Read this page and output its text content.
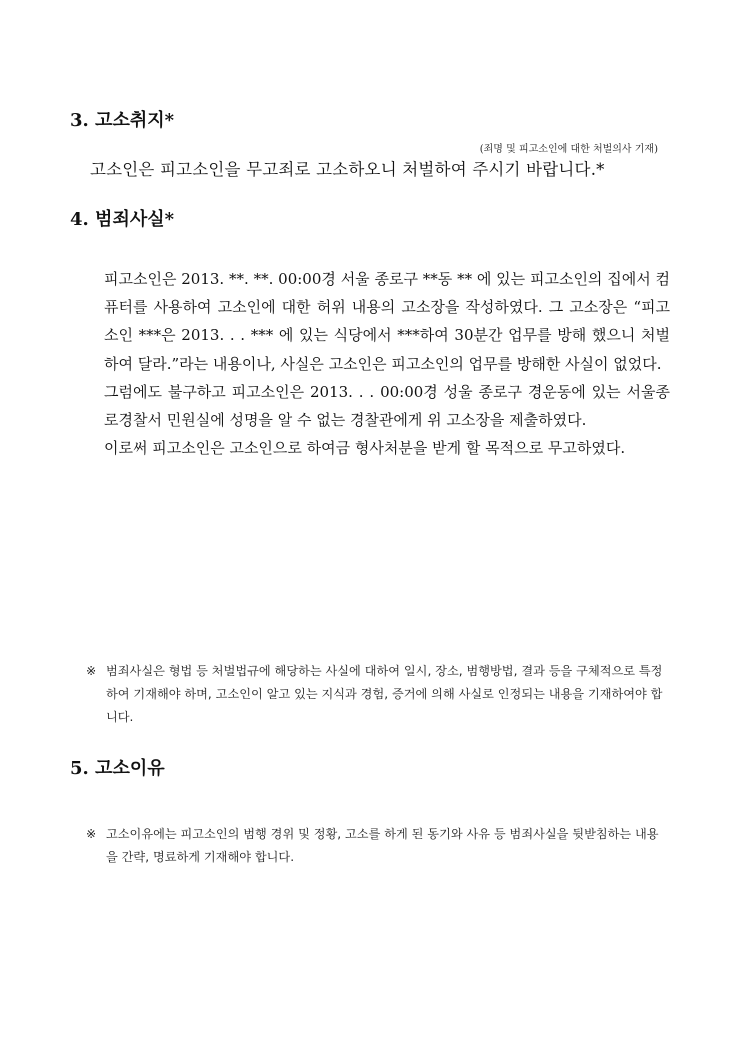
3. 고소취지*
(죄명 및 피고소인에 대한 처벌의사 기재)
고소인은 피고소인을 무고죄로 고소하오니 처벌하여 주시기 바랍니다.*
4. 범죄사실*

피고소인은 2013. **. **. 00:00경 서울 종로구 **동 ** 에 있는 피고소인의 집에서 컴퓨터를 사용하여 고소인에 대한 허위 내용의 고소장을 작성하였다. 그 고소장은 “피고소인 ***은 2013. . . *** 에 있는 식당에서 ***하여 30분간 업무를 방해 했으니 처벌하여 달라.”라는 내용이나, 사실은 고소인은 피고소인의 업무를 방해한 사실이 없었다.

그럼에도 불구하고 피고소인은 2013. . . 00:00경 성울 종로구 경운동에 있는 서울종로경찰서 민원실에 성명을 알 수 없는 경찰관에게 위 고소장을 제출하였다.

이로써 피고소인은 고소인으로 하여금 형사처분을 받게 할 목적으로 무고하였다.

※ 범죄사실은 형법 등 처벌법규에 해당하는 사실에 대하여 일시, 장소, 범행방법, 결과 등을 구체적으로 특정하여 기재해야 하며, 고소인이 알고 있는 지식과 경험, 증거에 의해 사실로 인정되는 내용을 기재하여야 합니다.
5. 고소이유
※ 고소이유에는 피고소인의 범행 경위 및 정황, 고소를 하게 된 동기와 사유 등 범죄사실을 뒷받침하는 내용을 간략, 명료하게 기재해야 합니다.
